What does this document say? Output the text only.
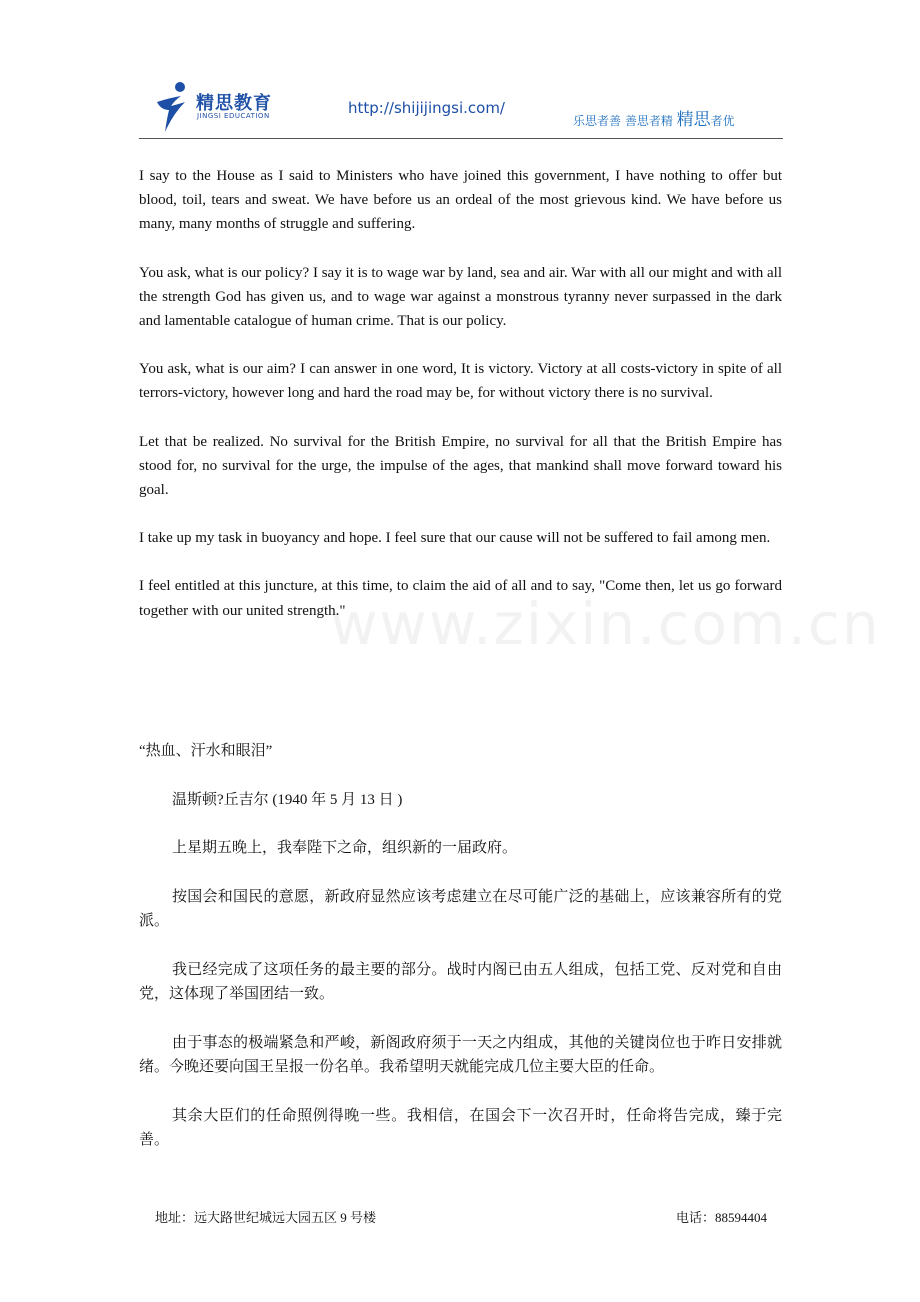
精思教育
JINGSI EDUCATION	http://shijijingsi.com/
乐思者善 善思者精 精思者优
www.zixin.com.cn

I say to the House as I said to Ministers who have joined this government, I have nothing to offer but blood, toil, tears and sweat. We have before us an ordeal of the most grievous kind. We have before us many, many months of struggle and suffering.

You ask, what is our policy? I say it is to wage war by land, sea and air. War with all our might and with all the strength God has given us, and to wage war against a monstrous tyranny never surpassed in the dark and lamentable catalogue of human crime. That is our policy.

You ask, what is our aim? I can answer in one word, It is victory. Victory at all costs-victory in spite of all terrors-victory, however long and hard the road may be, for without victory there is no survival.

Let that be realized. No survival for the British Empire, no survival for all that the British Empire has stood for, no survival for the urge, the impulse of the ages, that mankind shall move forward toward his goal.

I take up my task in buoyancy and hope. I feel sure that our cause will not be suffered to fail among men.

I feel entitled at this juncture, at this time, to claim the aid of all and to say, "Come then, let us go forward together with our united strength."

“热血、汗水和眼泪”

温斯顿?丘吉尔 (1940 年 5 月 13 日 )

上星期五晚上，我奉陛下之命，组织新的一届政府。

按国会和国民的意愿，新政府显然应该考虑建立在尽可能广泛的基础上，应该兼容所有的党派。

我已经完成了这项任务的最主要的部分。战时内阁已由五人组成，包括工党、反对党和自由党，这体现了举国团结一致。

由于事态的极端紧急和严峻，新阁政府须于一天之内组成，其他的关键岗位也于昨日安排就绪。今晚还要向国王呈报一份名单。我希望明天就能完成几位主要大臣的任命。

其余大臣们的任命照例得晚一些。我相信，在国会下一次召开时，任命将告完成，臻于完善。

地址：远大路世纪城远大园五区 9 号楼	电话：88594404
